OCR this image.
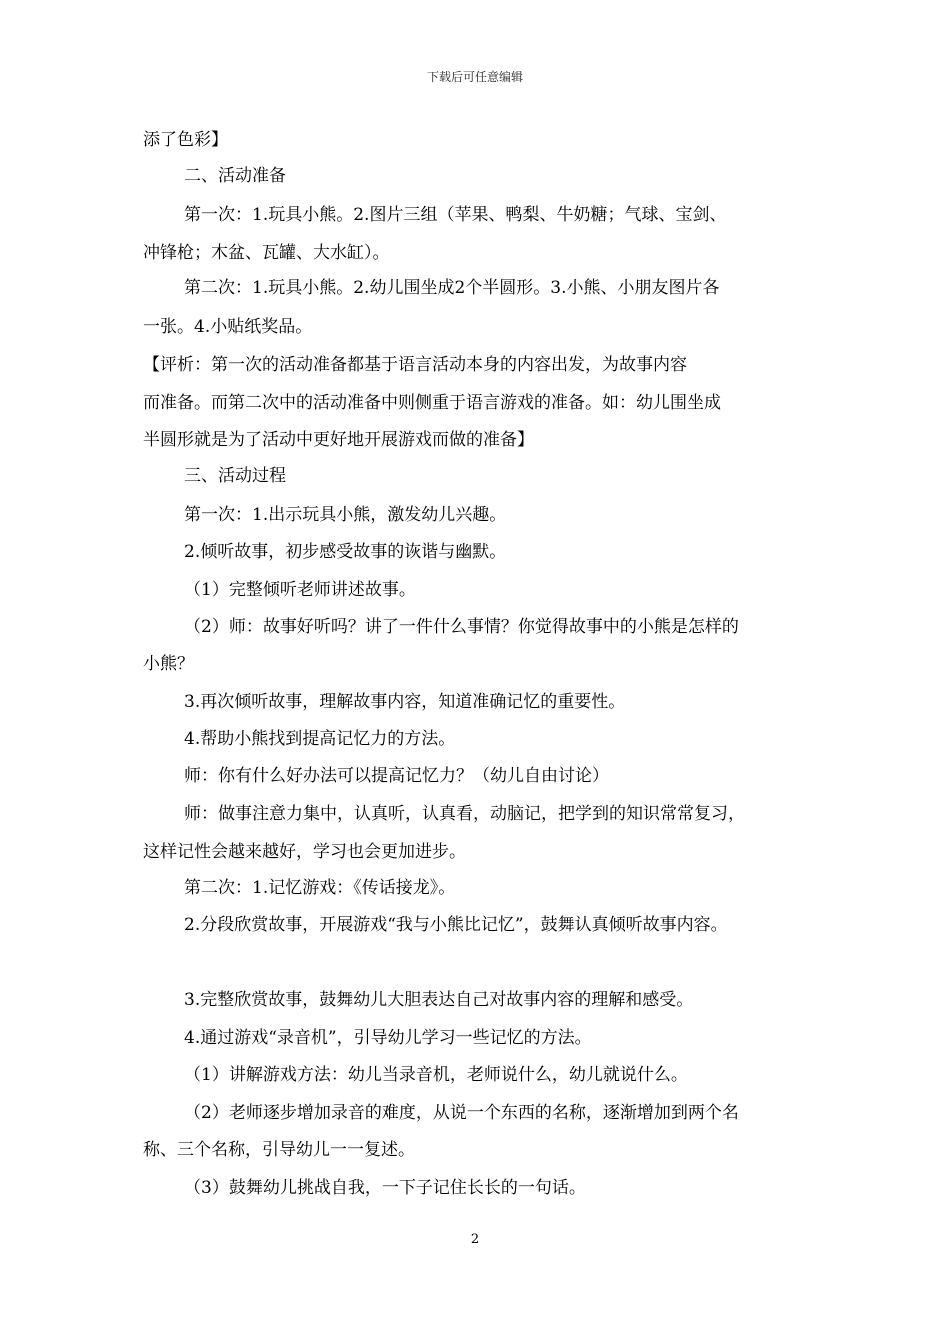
下载后可任意编辑
添了色彩】
二、活动准备
第一次：1.玩具小熊。2.图片三组（苹果、鸭梨、牛奶糖；气球、宝剑、
冲锋枪；木盆、瓦罐、大水缸）。
第二次：1.玩具小熊。2.幼儿围坐成2个半圆形。3.小熊、小朋友图片各
一张。4.小贴纸奖品。
【评析：第一次的活动准备都基于语言活动本身的内容出发，为故事内容
而准备。而第二次中的活动准备中则侧重于语言游戏的准备。如：幼儿围坐成
半圆形就是为了活动中更好地开展游戏而做的准备】
三、活动过程
第一次：1.出示玩具小熊，激发幼儿兴趣。
2.倾听故事，初步感受故事的诙谐与幽默。
（1）完整倾听老师讲述故事。
（2）师：故事好听吗？讲了一件什么事情？你觉得故事中的小熊是怎样的
小熊？
3.再次倾听故事，理解故事内容，知道准确记忆的重要性。
4.帮助小熊找到提高记忆力的方法。
师：你有什么好办法可以提高记忆力？（幼儿自由讨论）
师：做事注意力集中，认真听，认真看，动脑记，把学到的知识常常复习，
这样记性会越来越好，学习也会更加进步。
第二次：1.记忆游戏：《传话接龙》。
2.分段欣赏故事，开展游戏“我与小熊比记忆”，鼓舞认真倾听故事内容。
3.完整欣赏故事，鼓舞幼儿大胆表达自己对故事内容的理解和感受。
4.通过游戏“录音机”，引导幼儿学习一些记忆的方法。
（1）讲解游戏方法：幼儿当录音机，老师说什么，幼儿就说什么。
（2）老师逐步增加录音的难度，从说一个东西的名称，逐渐增加到两个名
称、三个名称，引导幼儿一一复述。
（3）鼓舞幼儿挑战自我，一下子记住长长的一句话。
2
